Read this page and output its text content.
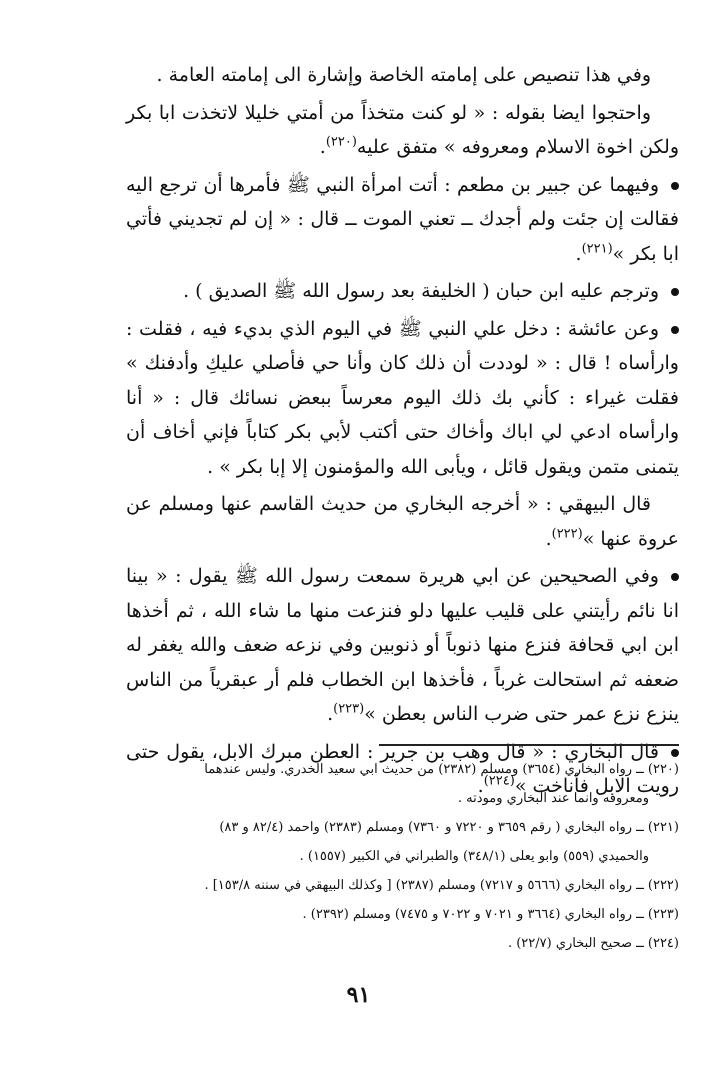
وفي هذا تنصيص على إمامته الخاصة وإشارة الى إمامته العامة .

واحتجوا ايضا بقوله : « لو كنت متخذاً من أمتي خليلا لاتخذت ابا بكر ولكن اخوة الاسلام ومعروفه » متفق عليه$^{(٢٢٠)}$.

وفيهما عن جبير بن مطعم : أتت امرأة النبي ﷺ فأمرها أن ترجع اليه فقالت إن جئت ولم أجدك ــ تعني الموت ــ قال : « إن لم تجديني فأتي ابا بكر »$^{(٢٢١)}$.

وترجم عليه ابن حبان ( الخليفة بعد رسول الله ﷺ الصديق ) .

وعن عائشة : دخل علي النبي ﷺ في اليوم الذي بديء فيه ، فقلت : وارأساه ! قال : « لوددت أن ذلك كان وأنا حي فأصلي عليكِ وأدفنك » فقلت غيراء : كأني بك ذلك اليوم معرساً ببعض نسائك قال : « أنا وارأساه ادعي لي اباك وأخاك حتى أكتب لأبي بكر كتاباً فإني أخاف أن يتمنى متمن ويقول قائل ، ويأبى الله والمؤمنون إلا إبا بكر » .

قال البيهقي : « أخرجه البخاري من حديث القاسم عنها ومسلم عن عروة عنها »$^{(٢٢٢)}$.

وفي الصحيحين عن ابي هريرة سمعت رسول الله ﷺ يقول : « بينا انا نائم رأيتني على قليب عليها دلو فنزعت منها ما شاء الله ، ثم أخذها ابن ابي قحافة فنزع منها ذنوباً أو ذنوبين وفي نزعه ضعف والله يغفر له ضعفه ثم استحالت غرباً ، فأخذها ابن الخطاب فلم أر عبقرياً من الناس ينزع نزع عمر حتى ضرب الناس بعطن »$^{(٢٢٣)}$.

قال البخاري : « قال وهب بن جرير : العطن مبرك الابل، يقول حتى رويت الابل فأناخت »$^{(٢٢٤)}$.

(٢٢٠) ــ رواه البخاري (٣٦٥٤) ومسلم (٢٣٨٢) من حديث ابي سعيد الخدري. وليس عندهما

ومعروفه وانما عند البخاري ومودته .

(٢٢١) ــ رواه البخاري ( رقم ٣٦٥٩ و ٧٢٢٠ و ٧٣٦٠) ومسلم (٢٣٨٣) واحمد (٨٢/٤ و ٨٣)

والحميدي (٥٥٩) وابو يعلى (٣٤٨/١) والطبراني في الكبير (١٥٥٧) .

(٢٢٢) ــ رواه البخاري (٥٦٦٦ و ٧٢١٧) ومسلم (٢٣٨٧) [ وكذلك البيهقي في سننه ١٥٣/٨] .

(٢٢٣) ــ رواه البخاري (٣٦٦٤ و ٧٠٢١ و ٧٠٢٢ و ٧٤٧٥) ومسلم (٢٣٩٢) .

(٢٢٤) ــ صحيح البخاري (٢٢/٧) .

٩١
